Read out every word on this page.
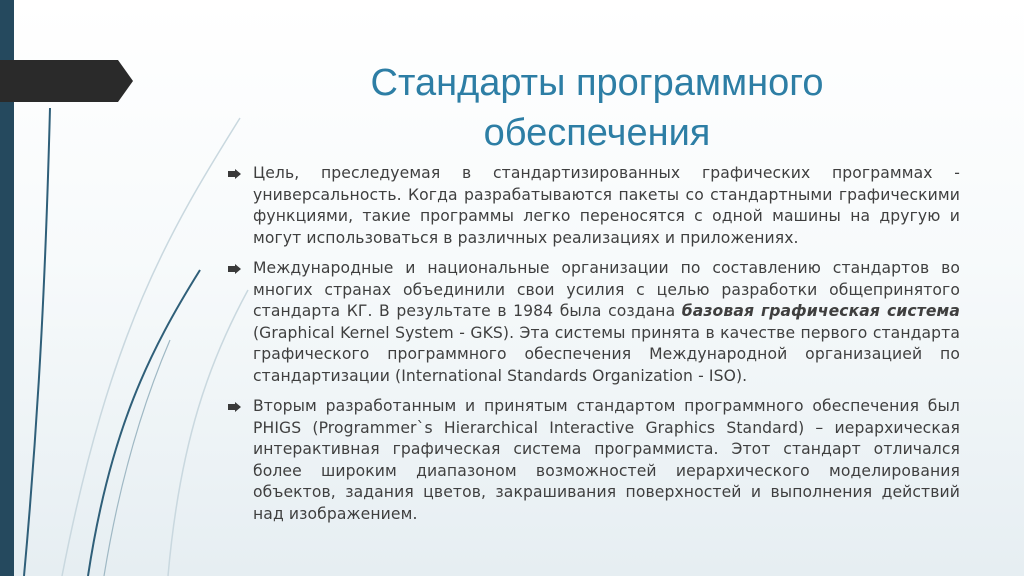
Стандарты программного обеспечения
Цель, преследуемая в стандартизированных графических программах - универсальность. Когда разрабатываются пакеты со стандартными графическими функциями, такие программы легко переносятся с одной машины на другую и могут использоваться в различных реализациях и приложениях.
Международные и национальные организации по составлению стандартов во многих странах объединили свои усилия с целью разработки общепринятого стандарта КГ. В результате в 1984 была создана базовая графическая система (Graphical Kernel System - GKS). Эта системы принята в качестве первого стандарта графического программного обеспечения Международной организацией по стандартизации (International Standards Organization - ISO).
Вторым разработанным и принятым стандартом программного обеспечения был PHIGS (Programmer`s Hierarchical Interactive Graphics Standard) – иерархическая интерактивная графическая система программиста. Этот стандарт отличался более широким диапазоном возможностей иерархического моделирования объектов, задания цветов, закрашивания поверхностей и выполнения действий над изображением.
